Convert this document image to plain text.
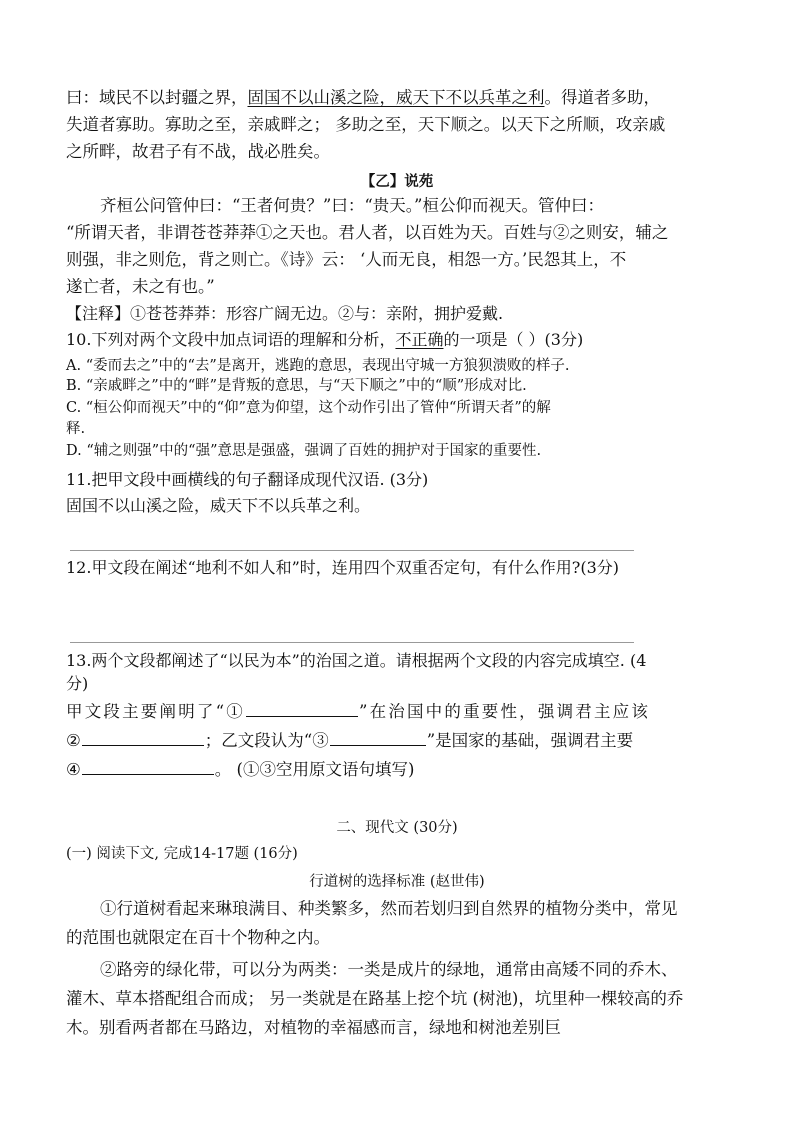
曰：域民不以封疆之界，固国不以山溪之险，威天下不以兵革之利。得道者多助，
失道者寡助。寡助之至，亲戚畔之； 多助之至，天下顺之。以天下之所顺，攻亲戚
之所畔，故君子有不战，战必胜矣。
【乙】说苑
齐桓公问管仲曰：“王者何贵？”曰：“贵天。”桓公仰而视天。管仲曰：
“所谓天者，非谓苍苍莽莽①之天也。君人者，以百姓为天。百姓与②之则安，辅之
则强，非之则危，背之则亡。《诗》云： ‘人而无良，相怨一方。’民怨其上，不
遂亡者，未之有也。”
【注释】①苍苍莽莽：形容广阔无边。②与：亲附，拥护爱戴.
10.下列对两个文段中加点词语的理解和分析，不正确的一项是（ ）(3分)
A. “委而去之”中的“去”是离开，逃跑的意思，表现出守城一方狼狈溃败的样子.
B. “亲戚畔之”中的“畔”是背叛的意思，与“天下顺之”中的“顺”形成对比.
C. “桓公仰而视天”中的“仰”意为仰望，这个动作引出了管仲“所谓天者”的解
释.
D. “辅之则强”中的“强”意思是强盛，强调了百姓的拥护对于国家的重要性.
11.把甲文段中画横线的句子翻译成现代汉语. (3分)
固国不以山溪之险，威天下不以兵革之利。
12.甲文段在阐述“地利不如人和”时，连用四个双重否定句，有什么作用?(3分)
13.两个文段都阐述了“以民为本”的治国之道。请根据两个文段的内容完成填空. (4
分)
甲文段主要阐明了“①	”在治国中的重要性，强调君主应该
②	；乙文段认为“③	”是国家的基础，强调君主要
④	。 (①③空用原文语句填写)
二、现代文 (30分)
(一) 阅读下文, 完成14-17题 (16分)
行道树的选择标准 (赵世伟)
①行道树看起来琳琅满目、种类繁多，然而若划归到自然界的植物分类中，常见
的范围也就限定在百十个物种之内。
②路旁的绿化带，可以分为两类：一类是成片的绿地，通常由高矮不同的乔木、
灌木、草本搭配组合而成； 另一类就是在路基上挖个坑 (树池)，坑里种一棵较高的乔
木。别看两者都在马路边，对植物的幸福感而言，绿地和树池差别巨
